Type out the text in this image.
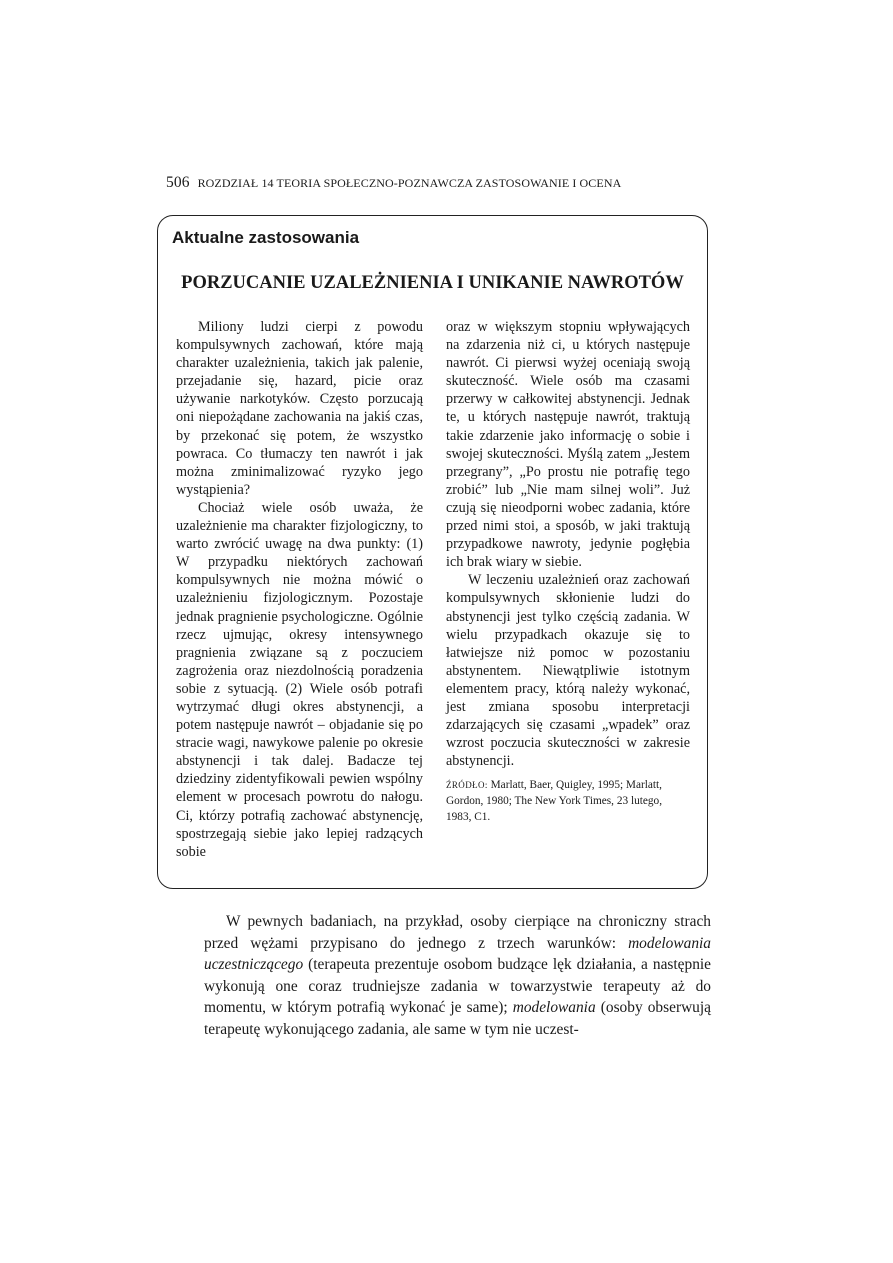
506 ROZDZIAŁ 14 TEORIA SPOŁECZNO-POZNAWCZA ZASTOSOWANIE I OCENA
Aktualne zastosowania
PORZUCANIE UZALEŻNIENIA I UNIKANIE NAWROTÓW

Miliony ludzi cierpi z powodu kompulsywnych zachowań, które mają charakter uzależnienia, takich jak palenie, przejadanie się, hazard, picie oraz używanie narkotyków. Często porzucają oni niepożądane zachowania na jakiś czas, by przekonać się potem, że wszystko powraca. Co tłumaczy ten nawrót i jak można zminimalizować ryzyko jego wystąpienia?

Chociaż wiele osób uważa, że uzależnienie ma charakter fizjologiczny, to warto zwrócić uwagę na dwa punkty: (1) W przypadku niektórych zachowań kompulsywnych nie można mówić o uzależnieniu fizjologicznym. Pozostaje jednak pragnienie psychologiczne. Ogólnie rzecz ujmując, okresy intensywnego pragnienia związane są z poczuciem zagrożenia oraz niezdolnością poradzenia sobie z sytuacją. (2) Wiele osób potrafi wytrzymać długi okres abstynencji, a potem następuje nawrót – objadanie się po stracie wagi, nawykowe palenie po okresie abstynencji i tak dalej. Badacze tej dziedziny zidentyfikowali pewien wspólny element w procesach powrotu do nałogu. Ci, którzy potrafią zachować abstynencję, spostrzegają siebie jako lepiej radzących sobie

oraz w większym stopniu wpływających na zdarzenia niż ci, u których następuje nawrót. Ci pierwsi wyżej oceniają swoją skuteczność. Wiele osób ma czasami przerwy w całkowitej abstynencji. Jednak te, u których następuje nawrót, traktują takie zdarzenie jako informację o sobie i swojej skuteczności. Myślą zatem „Jestem przegrany”, „Po prostu nie potrafię tego zrobić” lub „Nie mam silnej woli”. Już czują się nieodporni wobec zadania, które przed nimi stoi, a sposób, w jaki traktują przypadkowe nawroty, jedynie pogłębia ich brak wiary w siebie.

W leczeniu uzależnień oraz zachowań kompulsywnych skłonienie ludzi do abstynencji jest tylko częścią zadania. W wielu przypadkach okazuje się to łatwiejsze niż pomoc w pozostaniu abstynentem. Niewątpliwie istotnym elementem pracy, którą należy wykonać, jest zmiana sposobu interpretacji zdarzających się czasami „wpadek” oraz wzrost poczucia skuteczności w zakresie abstynencji.

ŹRÓDŁO: Marlatt, Baer, Quigley, 1995; Marlatt, Gordon, 1980; The New York Times, 23 lutego, 1983, C1.

W pewnych badaniach, na przykład, osoby cierpiące na chroniczny strach przed wężami przypisano do jednego z trzech warunków: modelowania uczestniczącego (terapeuta prezentuje osobom budzące lęk działania, a następnie wykonują one coraz trudniejsze zadania w towarzystwie terapeuty aż do momentu, w którym potrafią wykonać je same); modelowania (osoby obserwują terapeutę wykonującego zadania, ale same w tym nie uczest-
